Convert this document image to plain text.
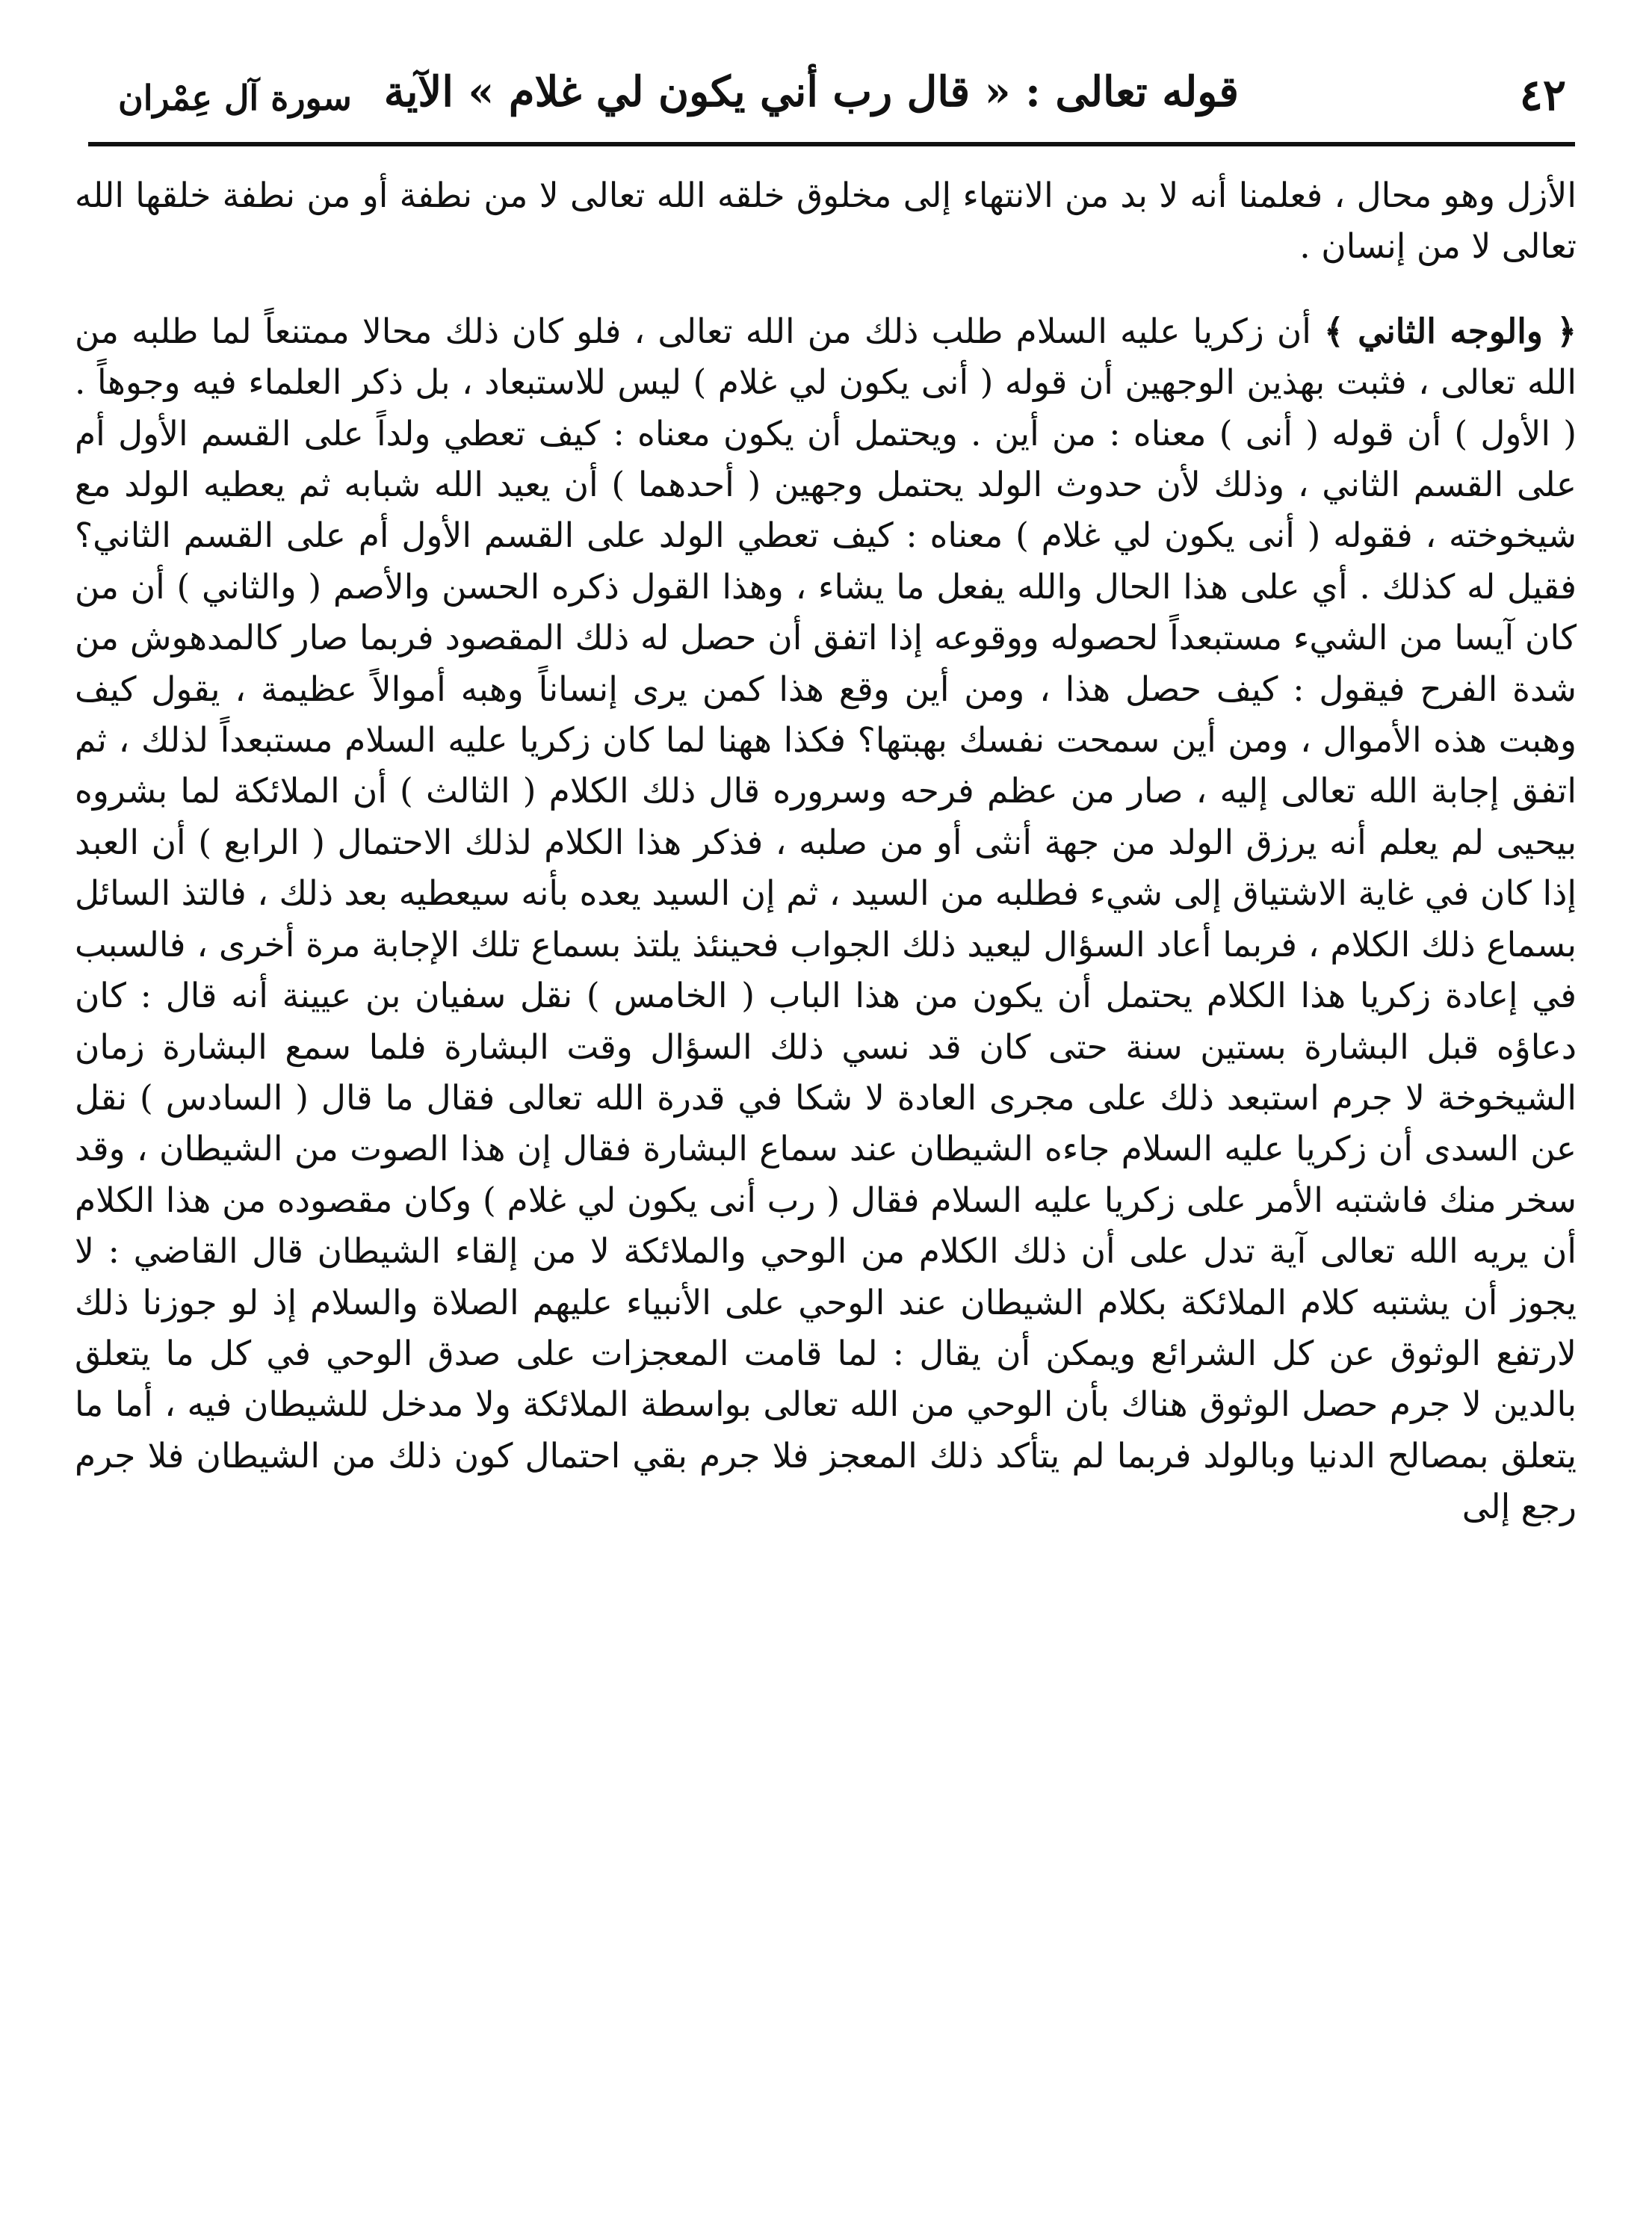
٤٢
قوله تعالى : « قال رب أني يكون لي غلام » الآية
سورة آل عِمْران

الأزل وهو محال ، فعلمنا أنه لا بد من الانتهاء إلى مخلوق خلقه الله تعالى لا من نطفة أو من نطفة خلقها الله تعالى لا من إنسان .

﴿ والوجه الثاني ﴾ أن زكريا عليه السلام طلب ذلك من الله تعالى ، فلو كان ذلك محالا ممتنعاً لما طلبه من الله تعالى ، فثبت بهذين الوجهين أن قوله ( أنى يكون لي غلام ) ليس للاستبعاد ، بل ذكر العلماء فيه وجوهاً . ( الأول ) أن قوله ( أنى ) معناه : من أين . ويحتمل أن يكون معناه : كيف تعطي ولداً على القسم الأول أم على القسم الثاني ، وذلك لأن حدوث الولد يحتمل وجهين ( أحدهما ) أن يعيد الله شبابه ثم يعطيه الولد مع شيخوخته ، فقوله ( أنى يكون لي غلام ) معناه : كيف تعطي الولد على القسم الأول أم على القسم الثاني؟ فقيل له كذلك . أي على هذا الحال والله يفعل ما يشاء ، وهذا القول ذكره الحسن والأصم ( والثاني ) أن من كان آيسا من الشيء مستبعداً لحصوله ووقوعه إذا اتفق أن حصل له ذلك المقصود فربما صار كالمدهوش من شدة الفرح فيقول : كيف حصل هذا ، ومن أين وقع هذا كمن يرى إنساناً وهبه أموالاً عظيمة ، يقول كيف وهبت هذه الأموال ، ومن أين سمحت نفسك بهبتها؟ فكذا ههنا لما كان زكريا عليه السلام مستبعداً لذلك ، ثم اتفق إجابة الله تعالى إليه ، صار من عظم فرحه وسروره قال ذلك الكلام ( الثالث ) أن الملائكة لما بشروه بيحيى لم يعلم أنه يرزق الولد من جهة أنثى أو من صلبه ، فذكر هذا الكلام لذلك الاحتمال ( الرابع ) أن العبد إذا كان في غاية الاشتياق إلى شيء فطلبه من السيد ، ثم إن السيد يعده بأنه سيعطيه بعد ذلك ، فالتذ السائل بسماع ذلك الكلام ، فربما أعاد السؤال ليعيد ذلك الجواب فحينئذ يلتذ بسماع تلك الإجابة مرة أخرى ، فالسبب في إعادة زكريا هذا الكلام يحتمل أن يكون من هذا الباب ( الخامس ) نقل سفيان بن عيينة أنه قال : كان دعاؤه قبل البشارة بستين سنة حتى كان قد نسي ذلك السؤال وقت البشارة فلما سمع البشارة زمان الشيخوخة لا جرم استبعد ذلك على مجرى العادة لا شكا في قدرة الله تعالى فقال ما قال ( السادس ) نقل عن السدى أن زكريا عليه السلام جاءه الشيطان عند سماع البشارة فقال إن هذا الصوت من الشيطان ، وقد سخر منك فاشتبه الأمر على زكريا عليه السلام فقال ( رب أنى يكون لي غلام ) وكان مقصوده من هذا الكلام أن يريه الله تعالى آية تدل على أن ذلك الكلام من الوحي والملائكة لا من إلقاء الشيطان قال القاضي : لا يجوز أن يشتبه كلام الملائكة بكلام الشيطان عند الوحي على الأنبياء عليهم الصلاة والسلام إذ لو جوزنا ذلك لارتفع الوثوق عن كل الشرائع ويمكن أن يقال : لما قامت المعجزات على صدق الوحي في كل ما يتعلق بالدين لا جرم حصل الوثوق هناك بأن الوحي من الله تعالى بواسطة الملائكة ولا مدخل للشيطان فيه ، أما ما يتعلق بمصالح الدنيا وبالولد فربما لم يتأكد ذلك المعجز فلا جرم بقي احتمال كون ذلك من الشيطان فلا جرم رجع إلى
